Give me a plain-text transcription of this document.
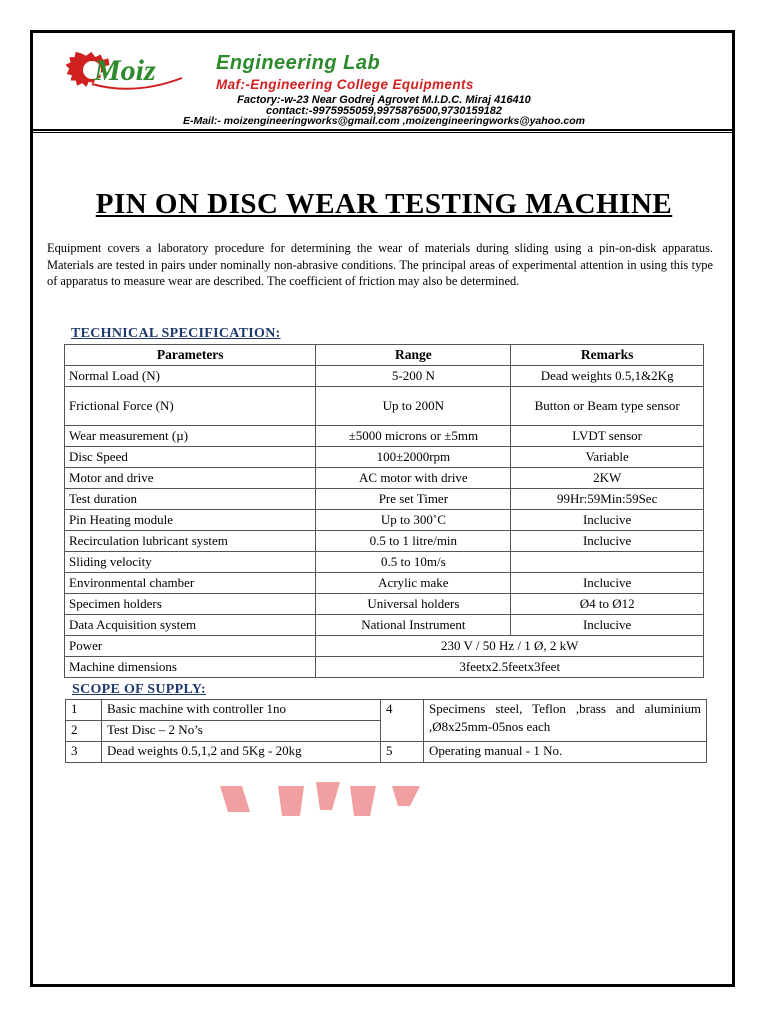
Moiz	Engineering Lab
Maf:-Engineering College Equipments
Factory:-w-23 Near Godrej Agrovet M.I.D.C. Miraj 416410
contact:-9975955059,9975876500,9730159182
E-Mail:- moizengineeringworks@gmail.com ,moizengineeringworks@yahoo.com
PIN ON DISC WEAR TESTING MACHINE
Equipment covers a laboratory procedure for determining the wear of materials during sliding using a pin-on-disk apparatus. Materials are tested in pairs under nominally non-abrasive conditions. The principal areas of experimental attention in using this type of apparatus to measure wear are described. The coefficient of friction may also be determined.
TECHNICAL SPECIFICATION:
Parameters	Range	Remarks
Normal Load (N)	5-200 N	Dead weights 0.5,1&2Kg
Frictional Force (N)	Up to 200N	Button or Beam type sensor
Wear measurement (µ)	±5000 microns or ±5mm	LVDT sensor
Disc Speed	100±2000rpm	Variable
Motor and drive	AC motor with drive	2KW
Test duration	Pre set Timer	99Hr:59Min:59Sec
Pin Heating module	Up to 300˚C	Inclucive
Recirculation lubricant system	0.5 to 1 litre/min	Inclucive
Sliding velocity	0.5 to 10m/s	
Environmental chamber	Acrylic make	Inclucive
Specimen holders	Universal holders	Ø4 to Ø12
Data Acquisition system	National Instrument	Inclucive
Power	230 V / 50 Hz / 1 Ø, 2 kW	
Machine dimensions	3feetx2.5feetx3feet	
SCOPE OF SUPPLY:
1	Basic machine with controller 1no	4	Specimens steel, Teflon ,brass and aluminium ,Ø8x25mm-05nos each
2	Test Disc – 2 No’s		
3	Dead weights 0.5,1,2 and 5Kg - 20kg	5	Operating manual - 1 No.
